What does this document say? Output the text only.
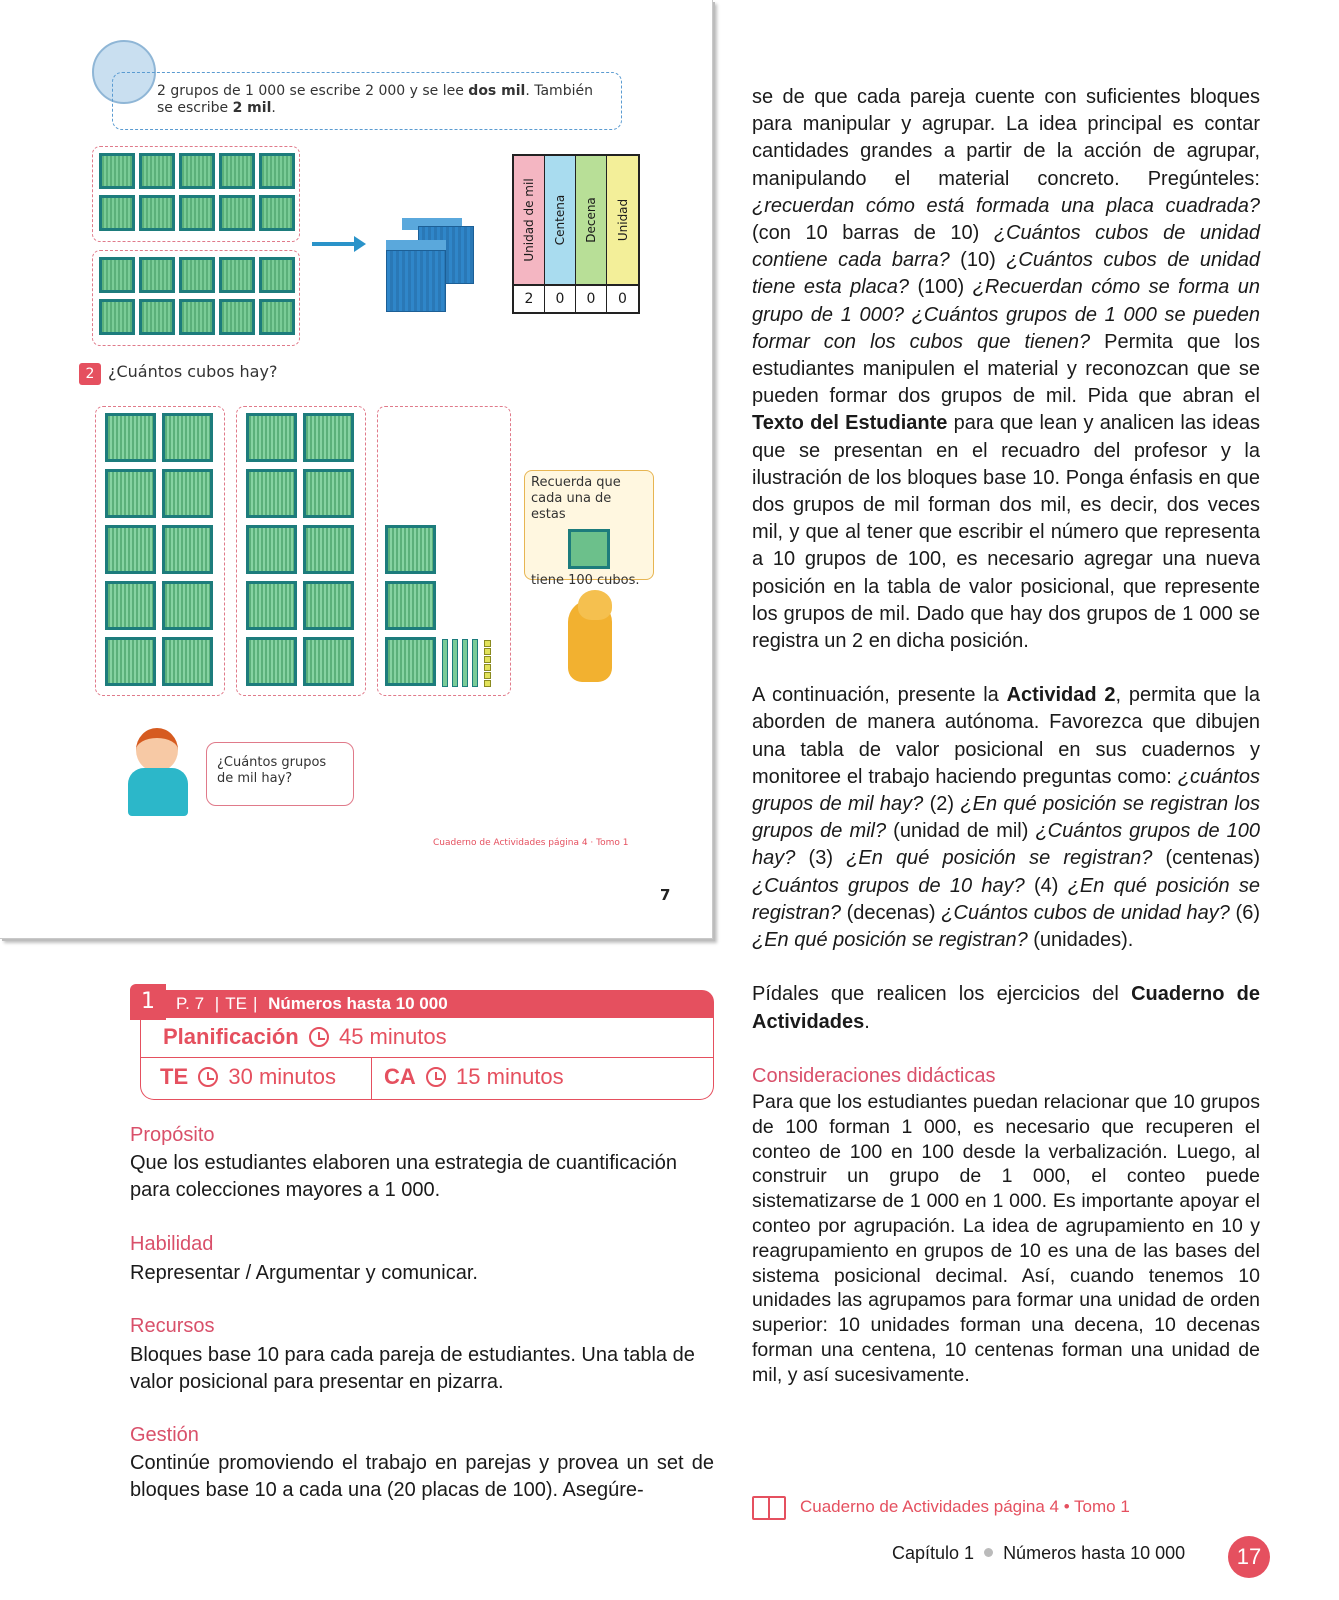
2 grupos de 1 000 se escribe 2 000 y se lee dos mil. También se escribe 2 mil.
Unidad de mil Centena Decena Unidad
2	0	0	0
2 ¿Cuántos cubos hay?
Recuerda que cada una de estas
tiene 100 cubos.
¿Cuántos grupos de mil hay?
Cuaderno de Actividades página 4 · Tomo 1
7
1	P. 7 | TE | Números hasta 10 000
Planificación 45 minutos
TE 30 minutos CA 15 minutos
Propósito
Que los estudiantes elaboren una estrategia de cuantificación para colecciones mayores a 1 000.
Habilidad
Representar / Argumentar y comunicar.
Recursos
Bloques base 10 para cada pareja de estudiantes. Una tabla de valor posicional para presentar en pizarra.
Gestión
Continúe promoviendo el trabajo en parejas y provea un set de bloques base 10 a cada una (20 placas de 100). Asegúre-

se de que cada pareja cuente con suficientes bloques para manipular y agrupar. La idea principal es contar cantidades grandes a partir de la acción de agrupar, manipulando el material concreto. Pregúnteles: ¿recuerdan cómo está formada una placa cuadrada? (con 10 barras de 10) ¿Cuántos cubos de unidad contiene cada barra? (10) ¿Cuántos cubos de unidad tiene esta placa? (100) ¿Recuerdan cómo se forma un grupo de 1 000? ¿Cuántos grupos de 1 000 se pueden formar con los cubos que tienen? Permita que los estudiantes manipulen el material y reconozcan que se pueden formar dos grupos de mil. Pida que abran el Texto del Estudiante para que lean y analicen las ideas que se presentan en el recuadro del profesor y la ilustración de los bloques base 10. Ponga énfasis en que dos grupos de mil forman dos mil, es decir, dos veces mil, y que al tener que escribir el número que representa a 10 grupos de 100, es necesario agregar una nueva posición en la tabla de valor posicional, que represente los grupos de mil. Dado que hay dos grupos de 1 000 se registra un 2 en dicha posición.

A continuación, presente la Actividad 2, permita que la aborden de manera autónoma. Favorezca que dibujen una tabla de valor posicional en sus cuadernos y monitoree el trabajo haciendo preguntas como: ¿cuántos grupos de mil hay? (2) ¿En qué posición se registran los grupos de mil? (unidad de mil) ¿Cuántos grupos de 100 hay? (3) ¿En qué posición se registran? (centenas) ¿Cuántos grupos de 10 hay? (4) ¿En qué posición se registran? (decenas) ¿Cuántos cubos de unidad hay? (6) ¿En qué posición se registran? (unidades).

Pídales que realicen los ejercicios del Cuaderno de Actividades.

Consideraciones didácticas
Para que los estudiantes puedan relacionar que 10 grupos de 100 forman 1 000, es necesario que recuperen el conteo de 100 en 100 desde la verbalización. Luego, al construir un grupo de 1 000, el conteo puede sistematizarse de 1 000 en 1 000. Es importante apoyar el conteo por agrupación. La idea de agrupamiento en 10 y reagrupamiento en grupos de 10 es una de las bases del sistema posicional decimal. Así, cuando tenemos 10 unidades las agrupamos para formar una unidad de orden superior: 10 unidades forman una decena, 10 decenas forman una centena, 10 centenas forman una unidad de mil, y así sucesivamente.
Cuaderno de Actividades página 4 • Tomo 1
Capítulo 1 Números hasta 10 000	17
